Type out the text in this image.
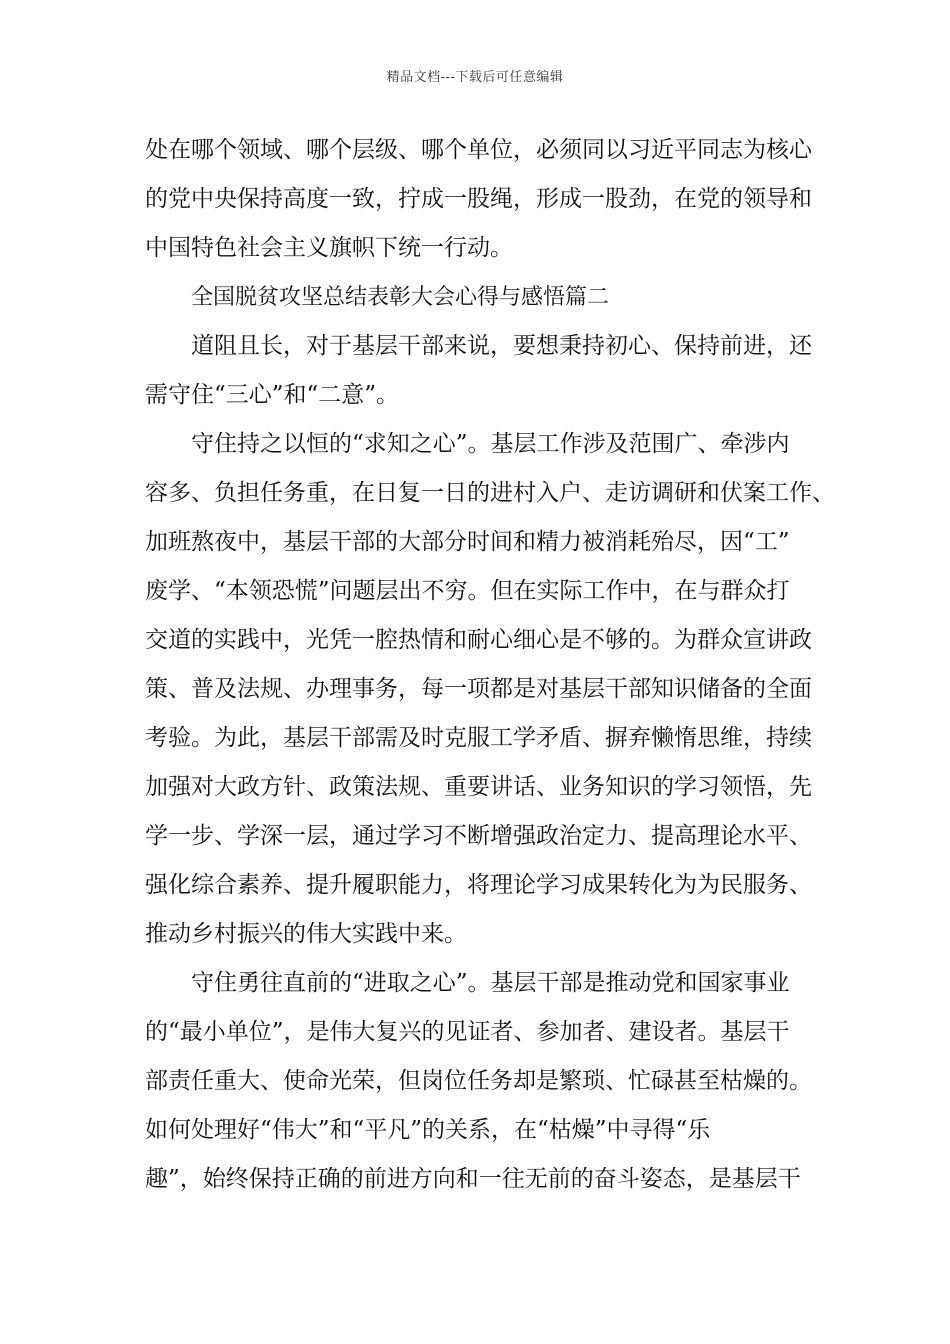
精品文档---下载后可任意编辑
处在哪个领域、哪个层级、哪个单位，必须同以习近平同志为核心
的党中央保持高度一致，拧成一股绳，形成一股劲，在党的领导和
中国特色社会主义旗帜下统一行动。
全国脱贫攻坚总结表彰大会心得与感悟篇二
道阻且长，对于基层干部来说，要想秉持初心、保持前进，还
需守住“三心”和“二意”。
守住持之以恒的“求知之心”。基层工作涉及范围广、牵涉内
容多、负担任务重，在日复一日的进村入户、走访调研和伏案工作、
加班熬夜中，基层干部的大部分时间和精力被消耗殆尽，因“工”
废学、“本领恐慌”问题层出不穷。但在实际工作中，在与群众打
交道的实践中，光凭一腔热情和耐心细心是不够的。为群众宣讲政
策、普及法规、办理事务，每一项都是对基层干部知识储备的全面
考验。为此，基层干部需及时克服工学矛盾、摒弃懒惰思维，持续
加强对大政方针、政策法规、重要讲话、业务知识的学习领悟，先
学一步、学深一层，通过学习不断增强政治定力、提高理论水平、
强化综合素养、提升履职能力，将理论学习成果转化为为民服务、
推动乡村振兴的伟大实践中来。
守住勇往直前的“进取之心”。基层干部是推动党和国家事业
的“最小单位”，是伟大复兴的见证者、参加者、建设者。基层干
部责任重大、使命光荣，但岗位任务却是繁琐、忙碌甚至枯燥的。
如何处理好“伟大”和“平凡”的关系，在“枯燥”中寻得“乐
趣”，始终保持正确的前进方向和一往无前的奋斗姿态，是基层干
